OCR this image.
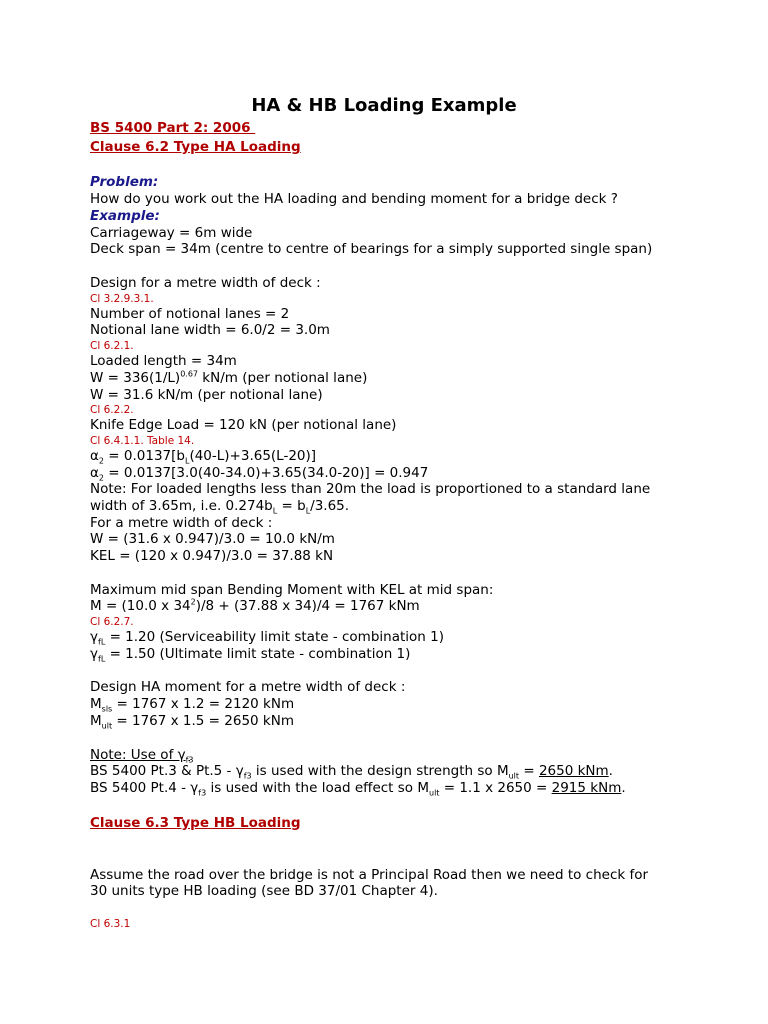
HA & HB Loading Example
BS 5400 Part 2: 2006
Clause 6.2 Type HA Loading
Problem:
How do you work out the HA loading and bending moment for a bridge deck ?
Example:
Carriageway = 6m wide
Deck span = 34m (centre to centre of bearings for a simply supported single span)
Design for a metre width of deck :
Cl 3.2.9.3.1.
Number of notional lanes = 2
Notional lane width = 6.0/2 = 3.0m
Cl 6.2.1.
Loaded length = 34m
$W = 336(1/L)^{0.67}$ kN/m (per notional lane)
W = 31.6 kN/m (per notional lane)
Cl 6.2.2.
Knife Edge Load = 120 kN (per notional lane)
Cl 6.4.1.1. Table 14.
$\alpha_2 = 0.0137[b_L(40-L)+3.65(L-20)]$
$\alpha_2 = 0.0137[3.0(40-34.0)+3.65(34.0-20)] = 0.947$
Note: For loaded lengths less than 20m the load is proportioned to a standard lane
width of 3.65m, i.e. $0.274b_L = b_L/3.65$.
For a metre width of deck :
W = (31.6 x 0.947)/3.0 = 10.0 kN/m
KEL = (120 x 0.947)/3.0 = 37.88 kN
Maximum mid span Bending Moment with KEL at mid span:
M = (10.0 x $34^2)/8 + (37.88$ x 34)/4 = 1767 kNm
Cl 6.2.7.
$\gamma_{fL} = 1.20$ (Serviceability limit state - combination 1)
$\gamma_{fL} = 1.50$ (Ultimate limit state - combination 1)
Design HA moment for a metre width of deck :
$M_{sls} = 1767$ x 1.2 = 2120 kNm
$M_{ult} = 1767$ x 1.5 = 2650 kNm
Note: Use of $\gamma_{f3}$
BS 5400 Pt.3 & $Pt.5 - \gamma_{f3}$ is used with the design strength so $M_{ult} = 2650$ kNm.
BS 5400 $Pt.4 - \gamma_{f3}$ is used with the load effect so $M_{ult} = 1.1$ x 2650 = 2915 kNm.
Clause 6.3 Type HB Loading
Assume the road over the bridge is not a Principal Road then we need to check for
30 units type HB loading (see BD 37/01 Chapter 4).
Cl 6.3.1
